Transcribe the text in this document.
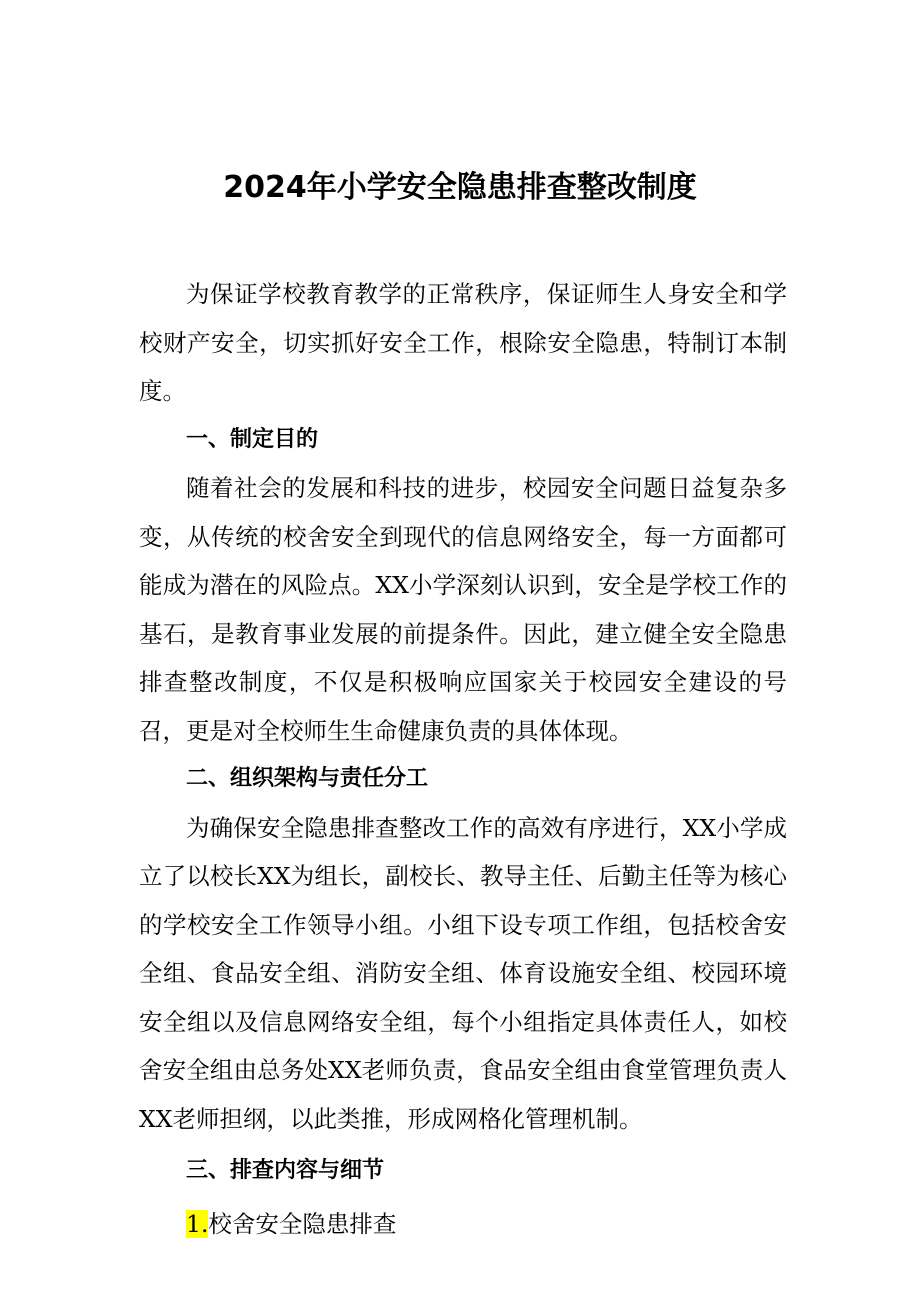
2024年小学安全隐患排查整改制度

为保证学校教育教学的正常秩序，保证师生人身安全和学校财产安全，切实抓好安全工作，根除安全隐患，特制订本制度。

一、制定目的

随着社会的发展和科技的进步，校园安全问题日益复杂多变，从传统的校舍安全到现代的信息网络安全，每一方面都可能成为潜在的风险点。XX小学深刻认识到，安全是学校工作的基石，是教育事业发展的前提条件。因此，建立健全安全隐患排查整改制度，不仅是积极响应国家关于校园安全建设的号召，更是对全校师生生命健康负责的具体体现。

二、组织架构与责任分工

为确保安全隐患排查整改工作的高效有序进行，XX小学成立了以校长XX为组长，副校长、教导主任、后勤主任等为核心的学校安全工作领导小组。小组下设专项工作组，包括校舍安全组、食品安全组、消防安全组、体育设施安全组、校园环境安全组以及信息网络安全组，每个小组指定具体责任人，如校舍安全组由总务处XX老师负责，食品安全组由食堂管理负责人XX老师担纲，以此类推，形成网格化管理机制。

三、排查内容与细节

1.校舍安全隐患排查
